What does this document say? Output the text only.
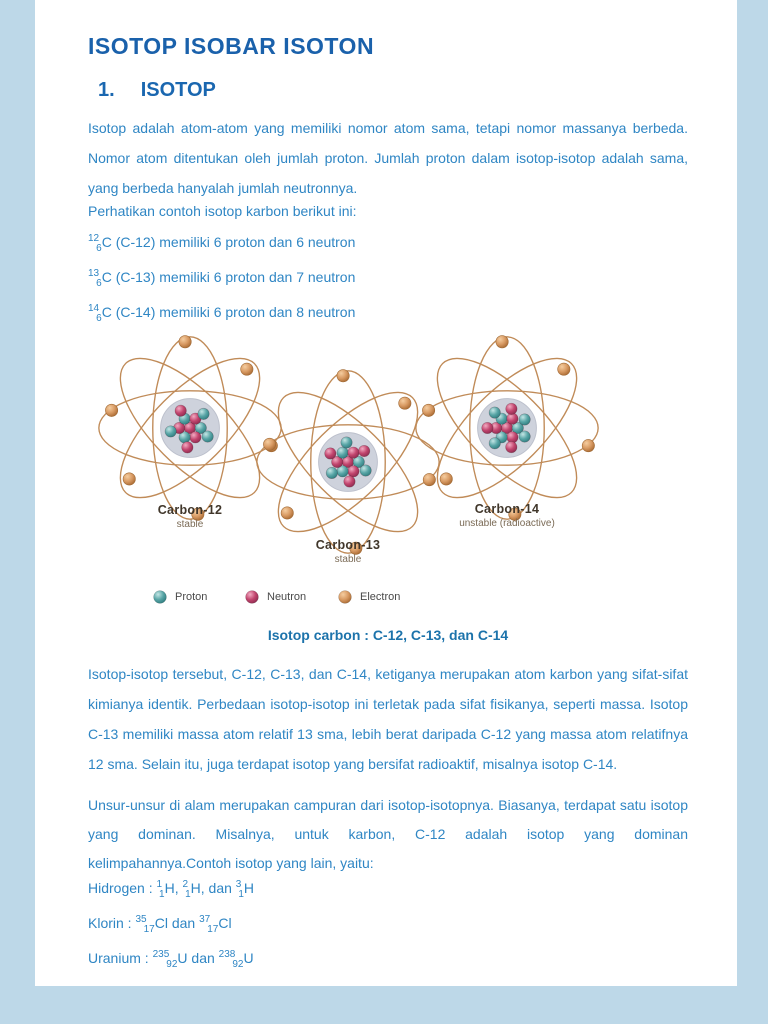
ISOTOP ISOBAR ISOTON
1. ISOTOP
Isotop adalah atom-atom yang memiliki nomor atom sama, tetapi nomor massanya berbeda. Nomor atom ditentukan oleh jumlah proton. Jumlah proton dalam isotop-isotop adalah sama, yang berbeda hanyalah jumlah neutronnya.
Perhatikan contoh isotop karbon berikut ini:
$^{12}_6$C (C-12) memiliki 6 proton dan 6 neutron
$^{13}_6$C (C-13) memiliki 6 proton dan 7 neutron
$^{14}_6$C (C-14) memiliki 6 proton dan 8 neutron
Carbon-12
stable
Carbon-13
stable
Carbon-14
unstable (radioactive)
Proton	Neutron	Electron
Isotop carbon : C-12, C-13, dan C-14
Isotop-isotop tersebut, C-12, C-13, dan C-14, ketiganya merupakan atom karbon yang sifat-sifat kimianya identik. Perbedaan isotop-isotop ini terletak pada sifat fisikanya, seperti massa. Isotop C-13 memiliki massa atom relatif 13 sma, lebih berat daripada C-12 yang massa atom relatifnya 12 sma. Selain itu, juga terdapat isotop yang bersifat radioaktif, misalnya isotop C-14.
Unsur-unsur di alam merupakan campuran dari isotop-isotopnya. Biasanya, terdapat satu isotop yang dominan. Misalnya, untuk karbon, C-12 adalah isotop yang dominan kelimpahannya.Contoh isotop yang lain, yaitu:
Hidrogen : $^1_1$H, $^2_1$H, dan $^3_1$H
Klorin : $^{35}_{17}$Cl dan $^{37}_{17}$Cl
Uranium : $^{235}_{92}$U dan $^{238}_{92}$U
